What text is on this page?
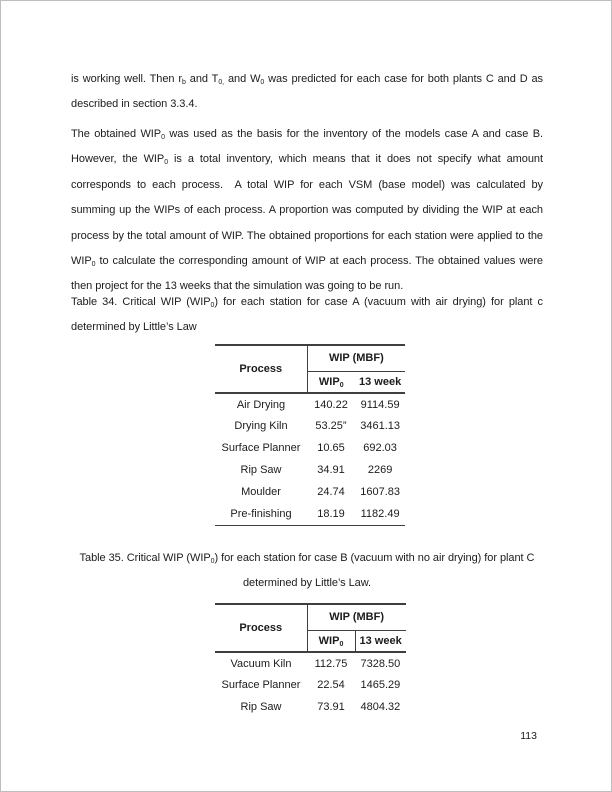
is working well. Then $r_b$ and $T_{0,}$ and $W_0$ was predicted for each case for both plants C and D as described in section 3.3.4.

The obtained $WIP_0$ was used as the basis for the inventory of the models case A and case B. However, the $WIP_0$ is a total inventory, which means that it does not specify what amount corresponds to each process.  A total WIP for each VSM (base model) was calculated by summing up the WIPs of each process. A proportion was computed by dividing the WIP at each process by the total amount of WIP. The obtained proportions for each station were applied to the $WIP_0$ to calculate the corresponding amount of WIP at each process. The obtained values were then project for the 13 weeks that the simulation was going to be run.

Table 34. Critical WIP $(WIP_0)$ for each station for case A (vacuum with air drying) for plant c determined by Little’s Law

Process	WIP (MBF)	
	$WIP_0$	13 week
Air Drying	140.22	9114.59
Drying Kiln	53.25”	3461.13
Surface Planner	10.65	692.03
Rip Saw	34.91	2269
Moulder	24.74	1607.83
Pre-finishing	18.19	1182.49

Table 35. Critical WIP $(WIP_0)$ for each station for case B (vacuum with no air drying) for plant C determined by Little’s Law.

Process	WIP (MBF)	
	$WIP_0$	13 week
Vacuum Kiln	112.75	7328.50
Surface Planner	22.54	1465.29
Rip Saw	73.91	4804.32
113
